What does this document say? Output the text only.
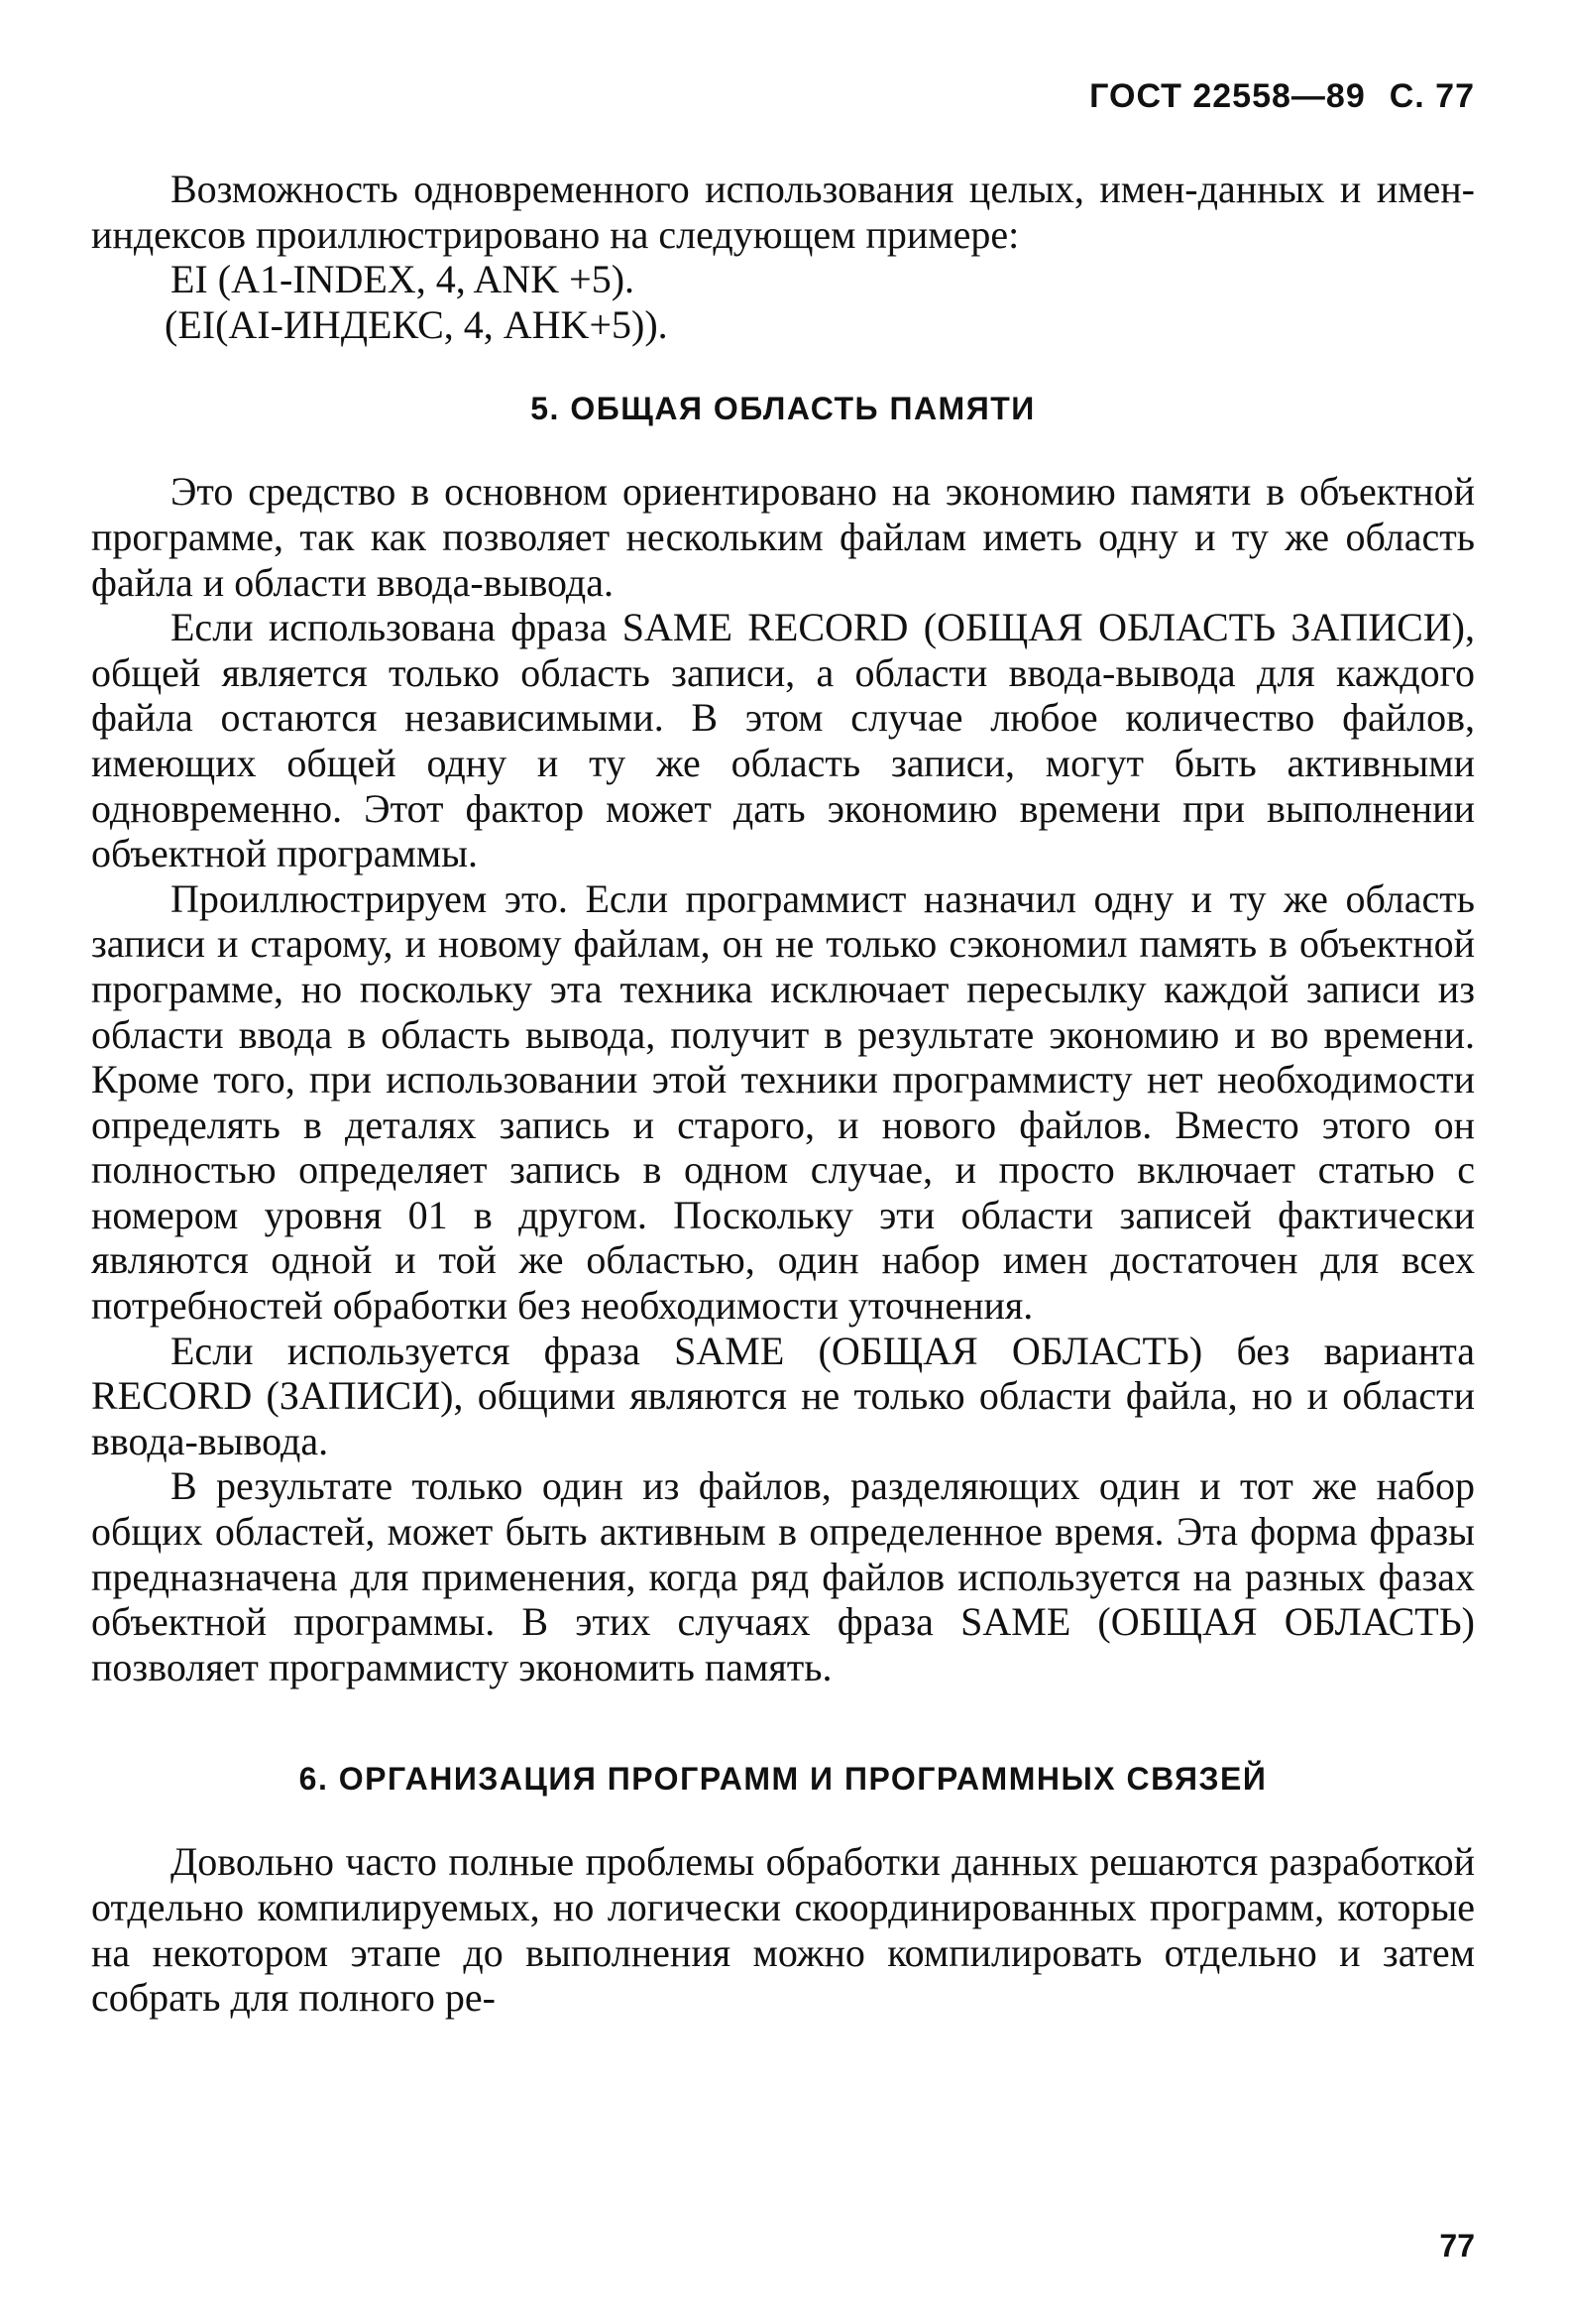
ГОСТ 22558—89 С. 77

Возможность одновременного использования целых, имен-данных и имен-индексов проиллюстрировано на следующем примере:

EI (A1-INDEX, 4, ANK +5).
(EI(AI-ИНДЕКС, 4, AHK+5)).
5. ОБЩАЯ ОБЛАСТЬ ПАМЯТИ

Это средство в основном ориентировано на экономию памяти в объектной программе, так как позволяет нескольким файлам иметь одну и ту же область файла и области ввода-вывода.

Если использована фраза SAME RECORD (ОБЩАЯ ОБЛАСТЬ ЗАПИСИ), общей является только область записи, а области ввода-вывода для каждого файла остаются независимыми. В этом случае любое количество файлов, имеющих общей одну и ту же область записи, могут быть активными одновременно. Этот фактор может дать экономию времени при выполнении объектной программы.

Проиллюстрируем это. Если программист назначил одну и ту же область записи и старому, и новому файлам, он не только сэкономил память в объектной программе, но поскольку эта техника исключает пересылку каждой записи из области ввода в область вывода, получит в результате экономию и во времени. Кроме того, при использовании этой техники программисту нет необходимости определять в деталях запись и старого, и нового файлов. Вместо этого он полностью определяет запись в одном случае, и просто включает статью с номером уровня 01 в другом. Поскольку эти области записей фактически являются одной и той же областью, один набор имен достаточен для всех потребностей обработки без необходимости уточнения.

Если используется фраза SAME (ОБЩАЯ ОБЛАСТЬ) без варианта RECORD (ЗАПИСИ), общими являются не только области файла, но и области ввода-вывода.

В результате только один из файлов, разделяющих один и тот же набор общих областей, может быть активным в определенное время. Эта форма фразы предназначена для применения, когда ряд файлов используется на разных фазах объектной программы. В этих случаях фраза SAME (ОБЩАЯ ОБЛАСТЬ) позволяет программисту экономить память.

6. ОРГАНИЗАЦИЯ ПРОГРАММ И ПРОГРАММНЫХ СВЯЗЕЙ

Довольно часто полные проблемы обработки данных решаются разработкой отдельно компилируемых, но логически скоординированных программ, которые на некотором этапе до выполнения можно компилировать отдельно и затем собрать для полного ре-

77
